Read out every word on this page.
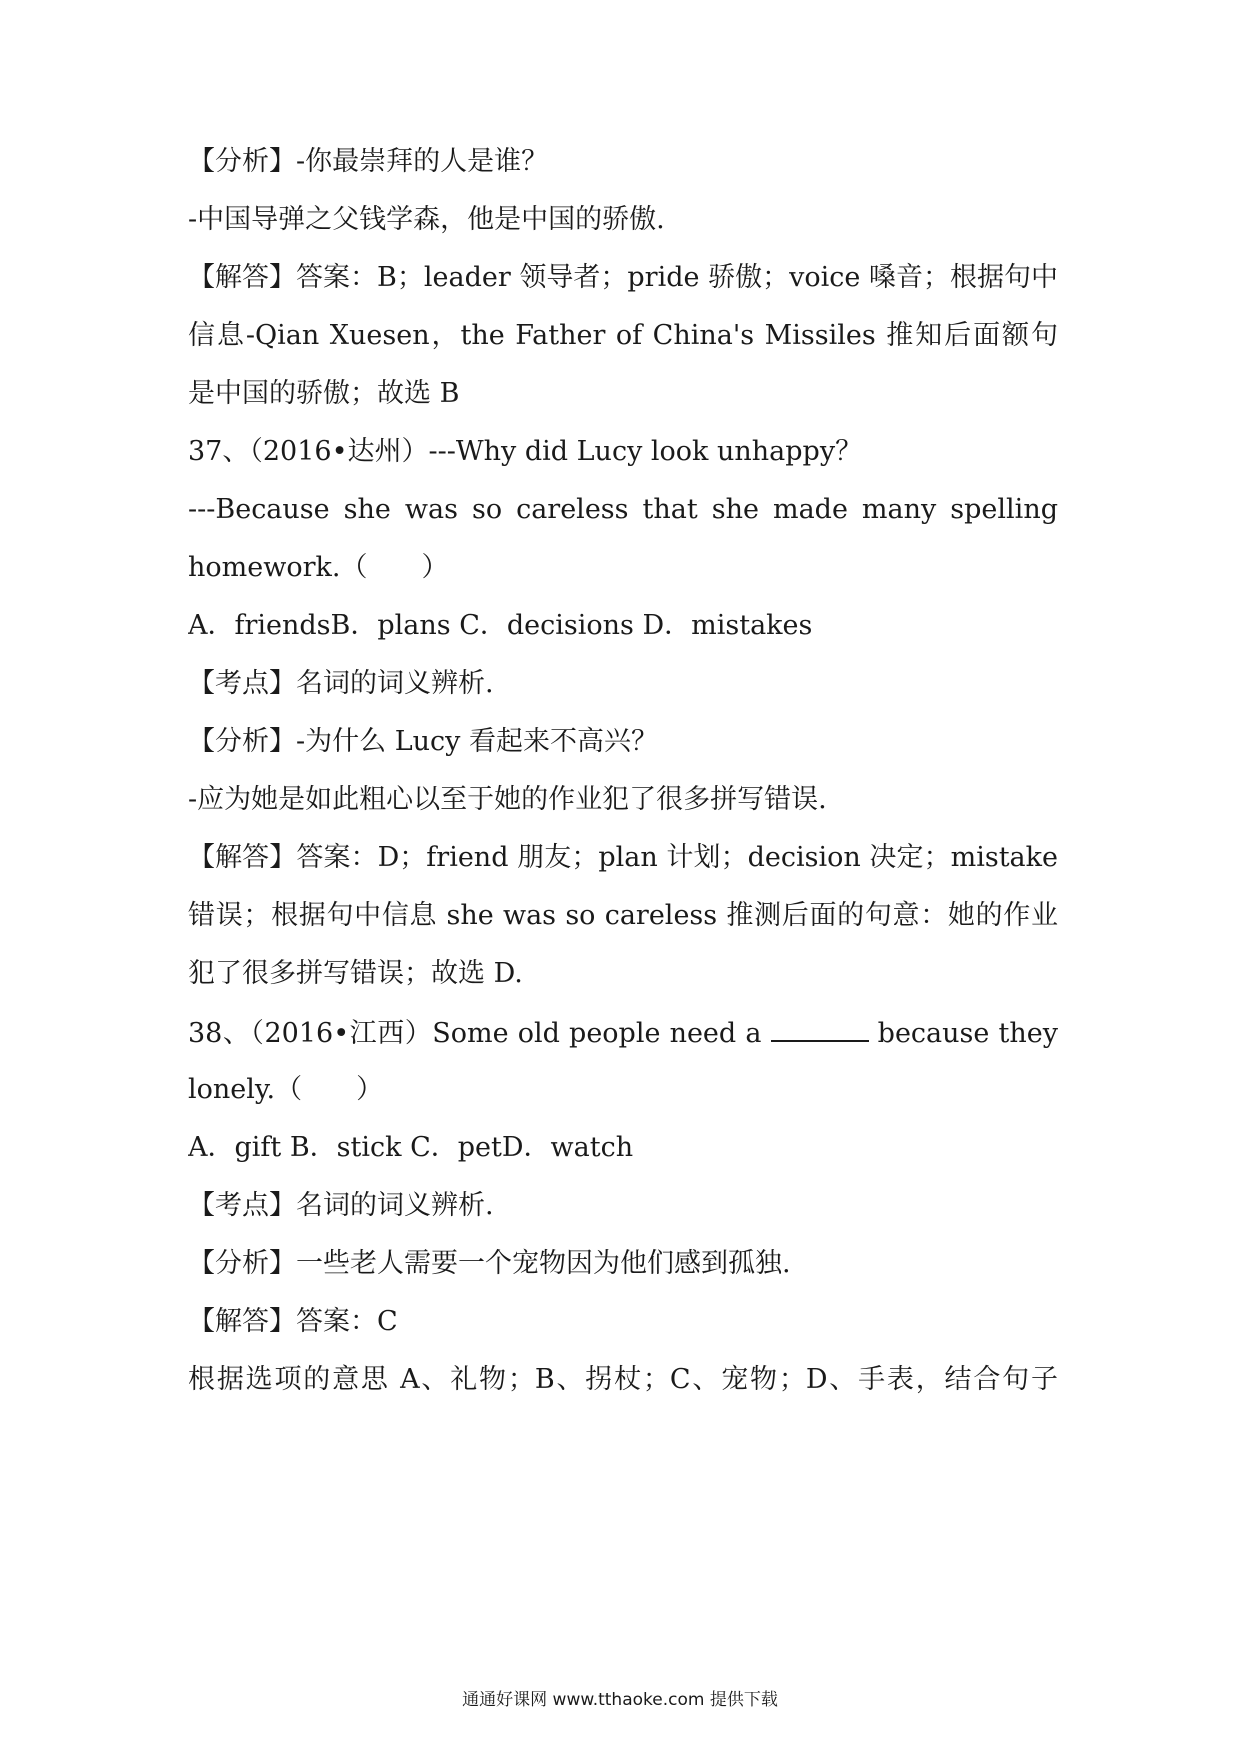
【分析】-你最崇拜的人是谁？
-中国导弹之父钱学森，他是中国的骄傲.
【解答】答案：B；leader 领导者；pride 骄傲；voice 嗓音；根据句中
信息-Qian Xuesen，the Father of China's Missiles 推知后面额句
是中国的骄傲；故选 B
37、（2016•达州）---Why did Lucy look unhappy？
---Because she was so careless that she made many spelling
homework.（　　）
A．friendsB．plans C．decisions D．mistakes
【考点】名词的词义辨析.
【分析】-为什么 Lucy 看起来不高兴？
-应为她是如此粗心以至于她的作业犯了很多拼写错误.
【解答】答案：D；friend 朋友；plan 计划；decision 决定；mistake
错误；根据句中信息 she was so careless 推测后面的句意：她的作业
犯了很多拼写错误；故选 D.
38、（2016•江西）Some old people need a	because they
lonely.（　　）
A．gift B．stick C．petD．watch
【考点】名词的词义辨析.
【分析】一些老人需要一个宠物因为他们感到孤独.
【解答】答案：C
根据选项的意思 A、礼物；B、拐杖；C、宠物；D、手表，结合句子
通通好课网 www.tthaoke.com 提供下载
